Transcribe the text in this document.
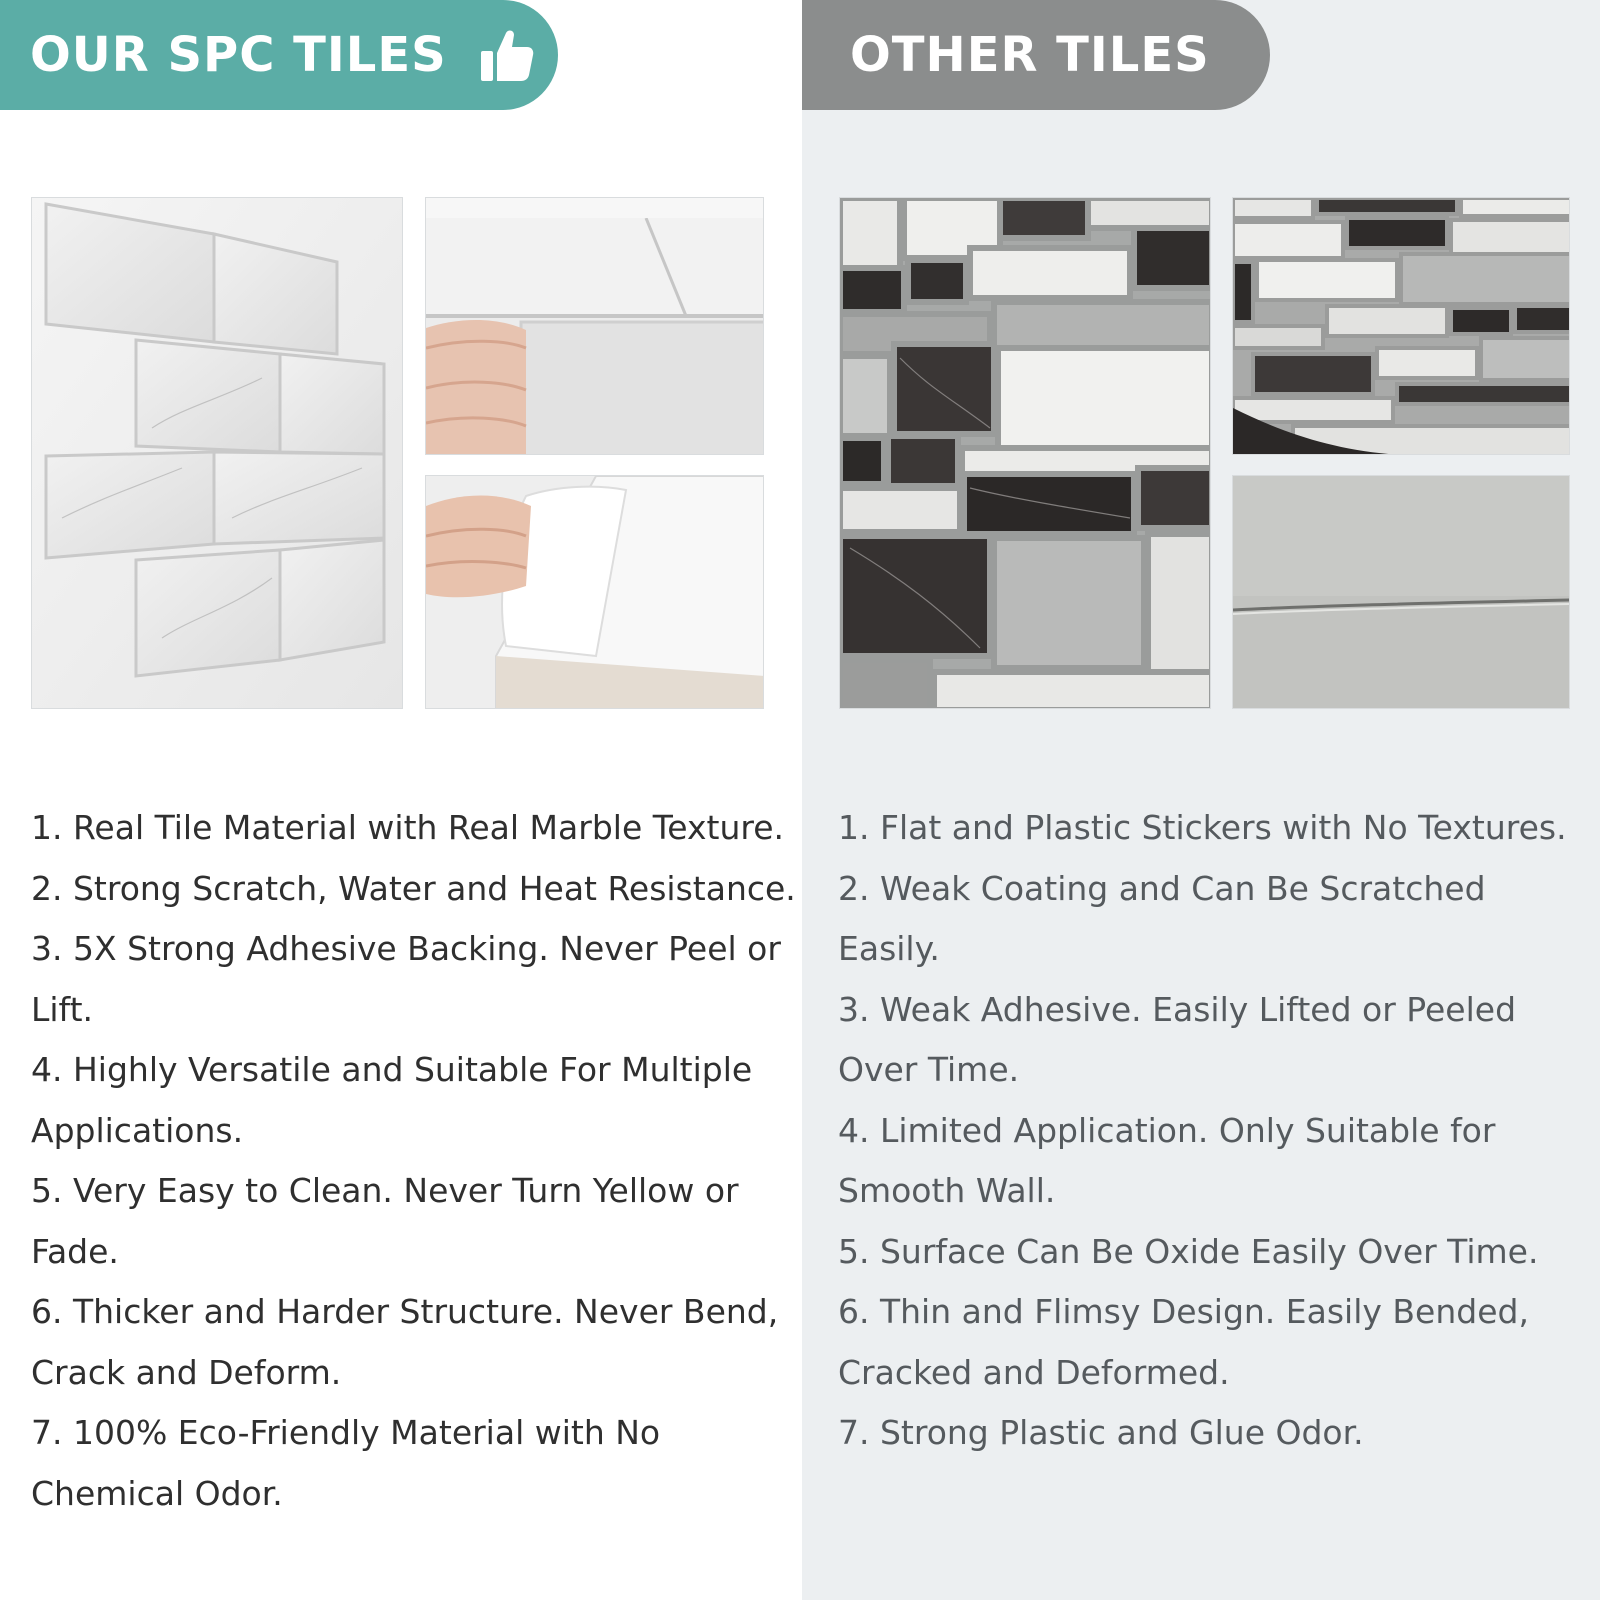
OUR SPC TILES	OTHER TILES
1. Real Tile Material with Real Marble Texture.
2. Strong Scratch, Water and Heat Resistance.
3. 5X Strong Adhesive Backing. Never Peel or Lift.
4. Highly Versatile and Suitable For Multiple Applications.
5. Very Easy to Clean. Never Turn Yellow or Fade.
6. Thicker and Harder Structure. Never Bend, Crack and Deform.
7. 100% Eco-Friendly Material with No Chemical Odor.
1. Flat and Plastic Stickers with No Textures.
2. Weak Coating and Can Be Scratched Easily.
3. Weak Adhesive. Easily Lifted or Peeled Over Time.
4. Limited Application. Only Suitable for Smooth Wall.
5. Surface Can Be Oxide Easily Over Time.
6. Thin and Flimsy Design. Easily Bended, Cracked and Deformed.
7. Strong Plastic and Glue Odor.
